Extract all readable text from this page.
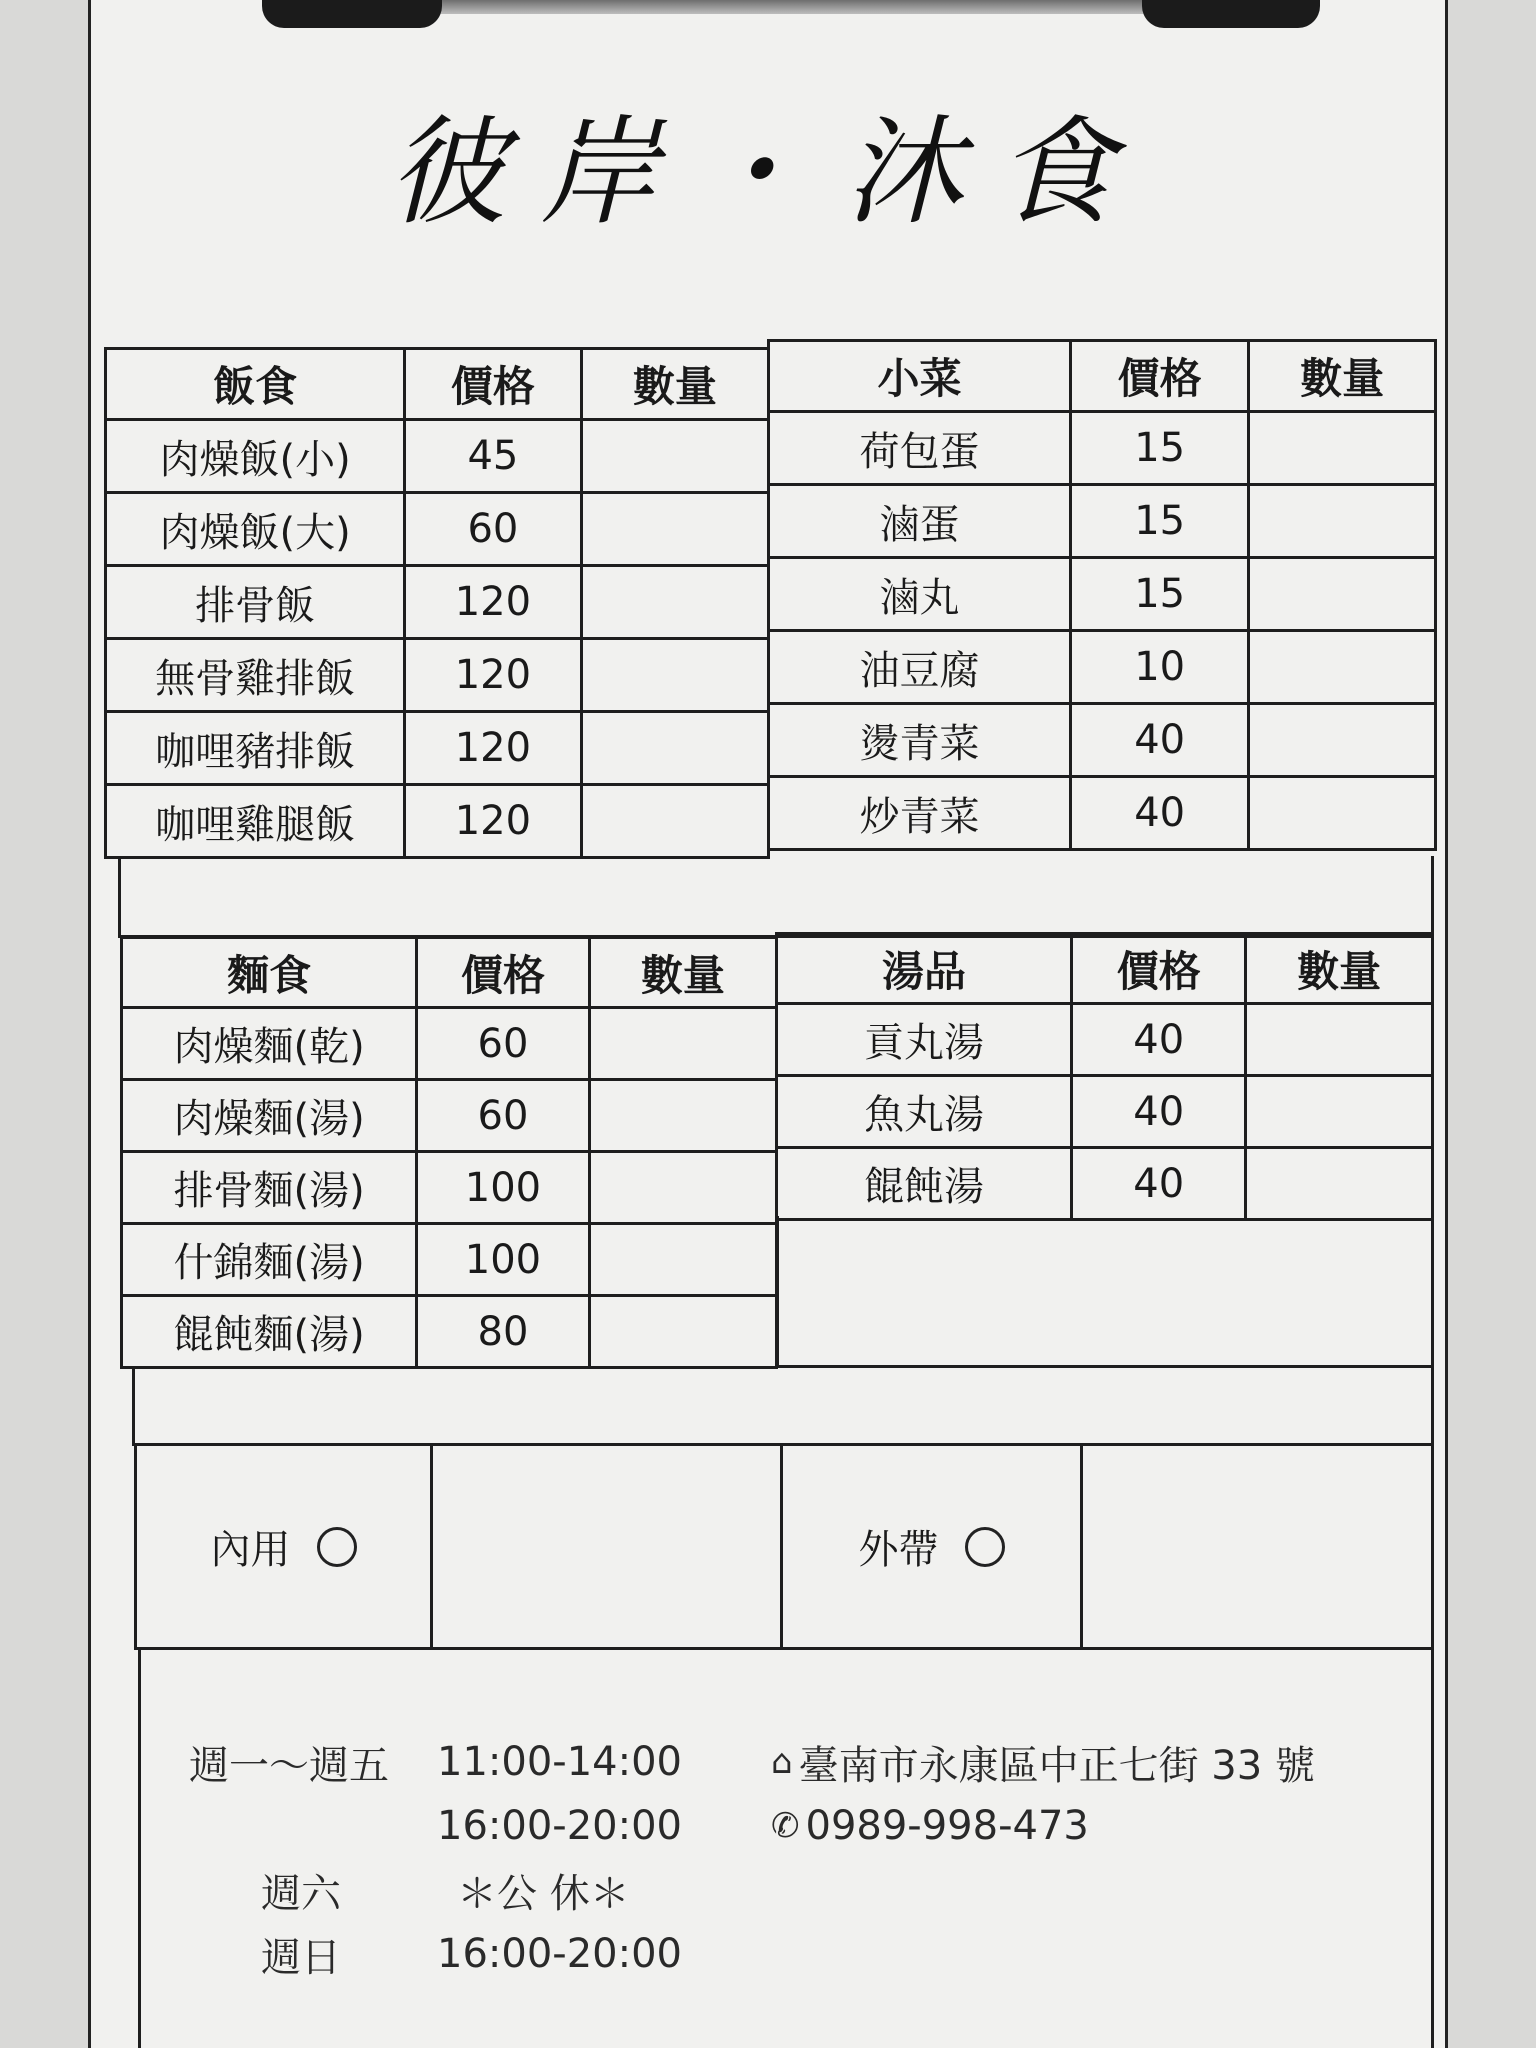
彼岸・沐食
飯食	價格	數量
肉燥飯(小)	45	
肉燥飯(大)	60	
排骨飯	120	
無骨雞排飯	120	
咖哩豬排飯	120	
咖哩雞腿飯	120	
小菜	價格	數量
荷包蛋	15	
滷蛋	15	
滷丸	15	
油豆腐	10	
燙青菜	40	
炒青菜	40	
麵食	價格	數量
肉燥麵(乾)	60	
肉燥麵(湯)	60	
排骨麵(湯)	100	
什錦麵(湯)	100	
餛飩麵(湯)	80	
湯品	價格	數量
貢丸湯	40	
魚丸湯	40	
餛飩湯	40	
內用	外帶
週一～週五	11:00-14:00
16:00-20:00
週六	＊公 休＊
週日	16:00-20:00
⌂ 臺南市永康區中正七街 33 號
✆ 0989-998-473
